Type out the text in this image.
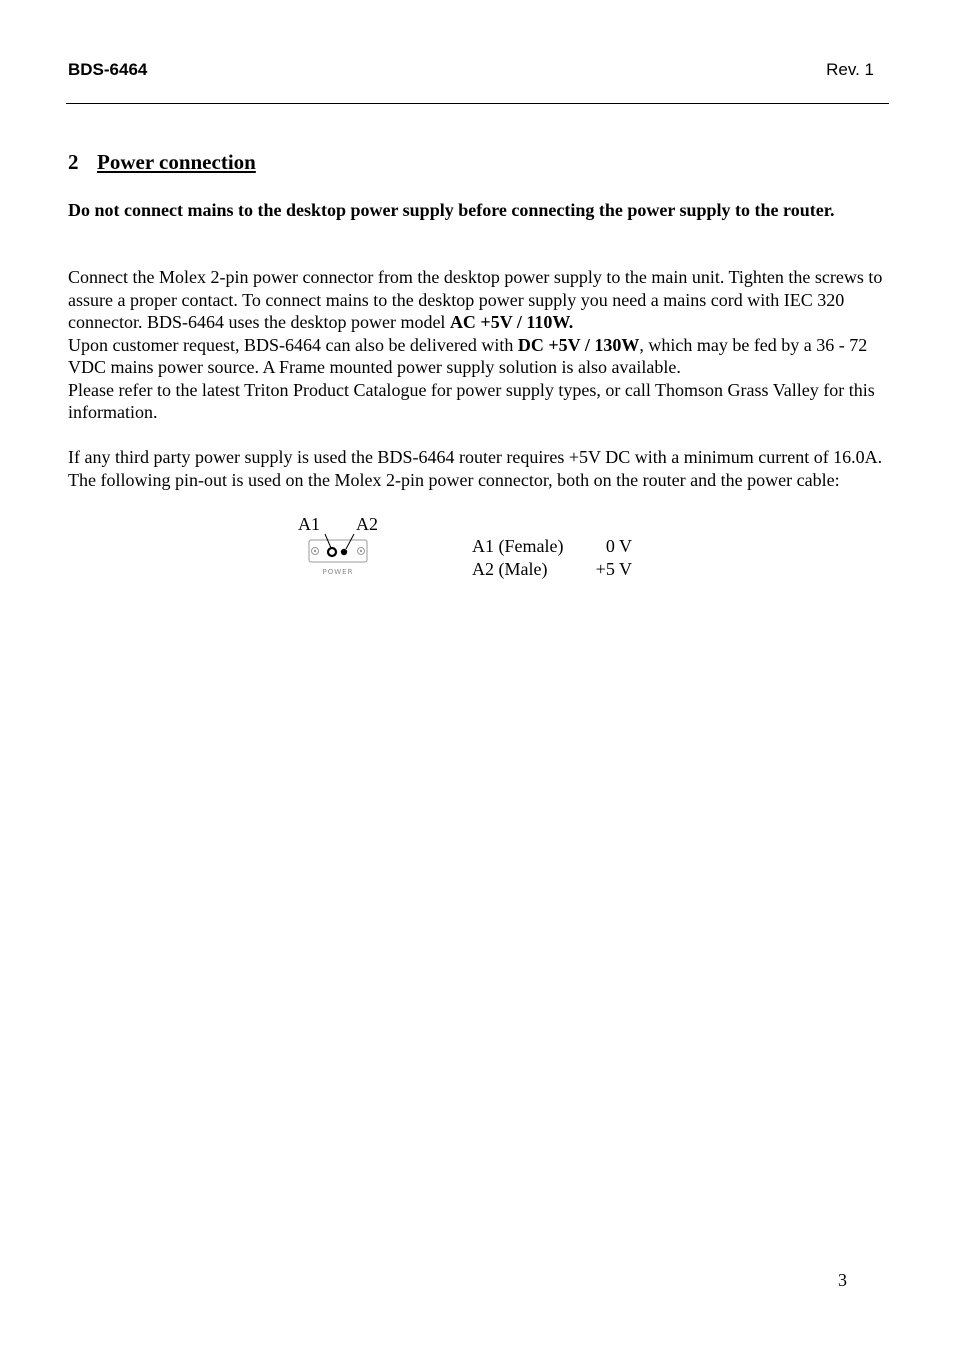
BDS-6464	Rev. 1
2 Power connection
Do not connect mains to the desktop power supply before connecting the power supply to the router.
Connect the Molex 2-pin power connector from the desktop power supply to the main unit. Tighten the screws to assure a proper contact. To connect mains to the desktop power supply you need a mains cord with IEC 320 connector. BDS-6464 uses the desktop power model AC +5V / 110W.
Upon customer request, BDS-6464 can also be delivered with DC +5V / 130W, which may be fed by a 36 - 72 VDC mains power source. A Frame mounted power supply solution is also available.
Please refer to the latest Triton Product Catalogue for power supply types, or call Thomson Grass Valley for this information.
If any third party power supply is used the BDS-6464 router requires +5V DC with a minimum current of 16.0A. The following pin-out is used on the Molex 2-pin power connector, both on the router and the power cable:
A1 A2
POWER
A1 (Female)	0 V
A2 (Male)	+5 V
3
